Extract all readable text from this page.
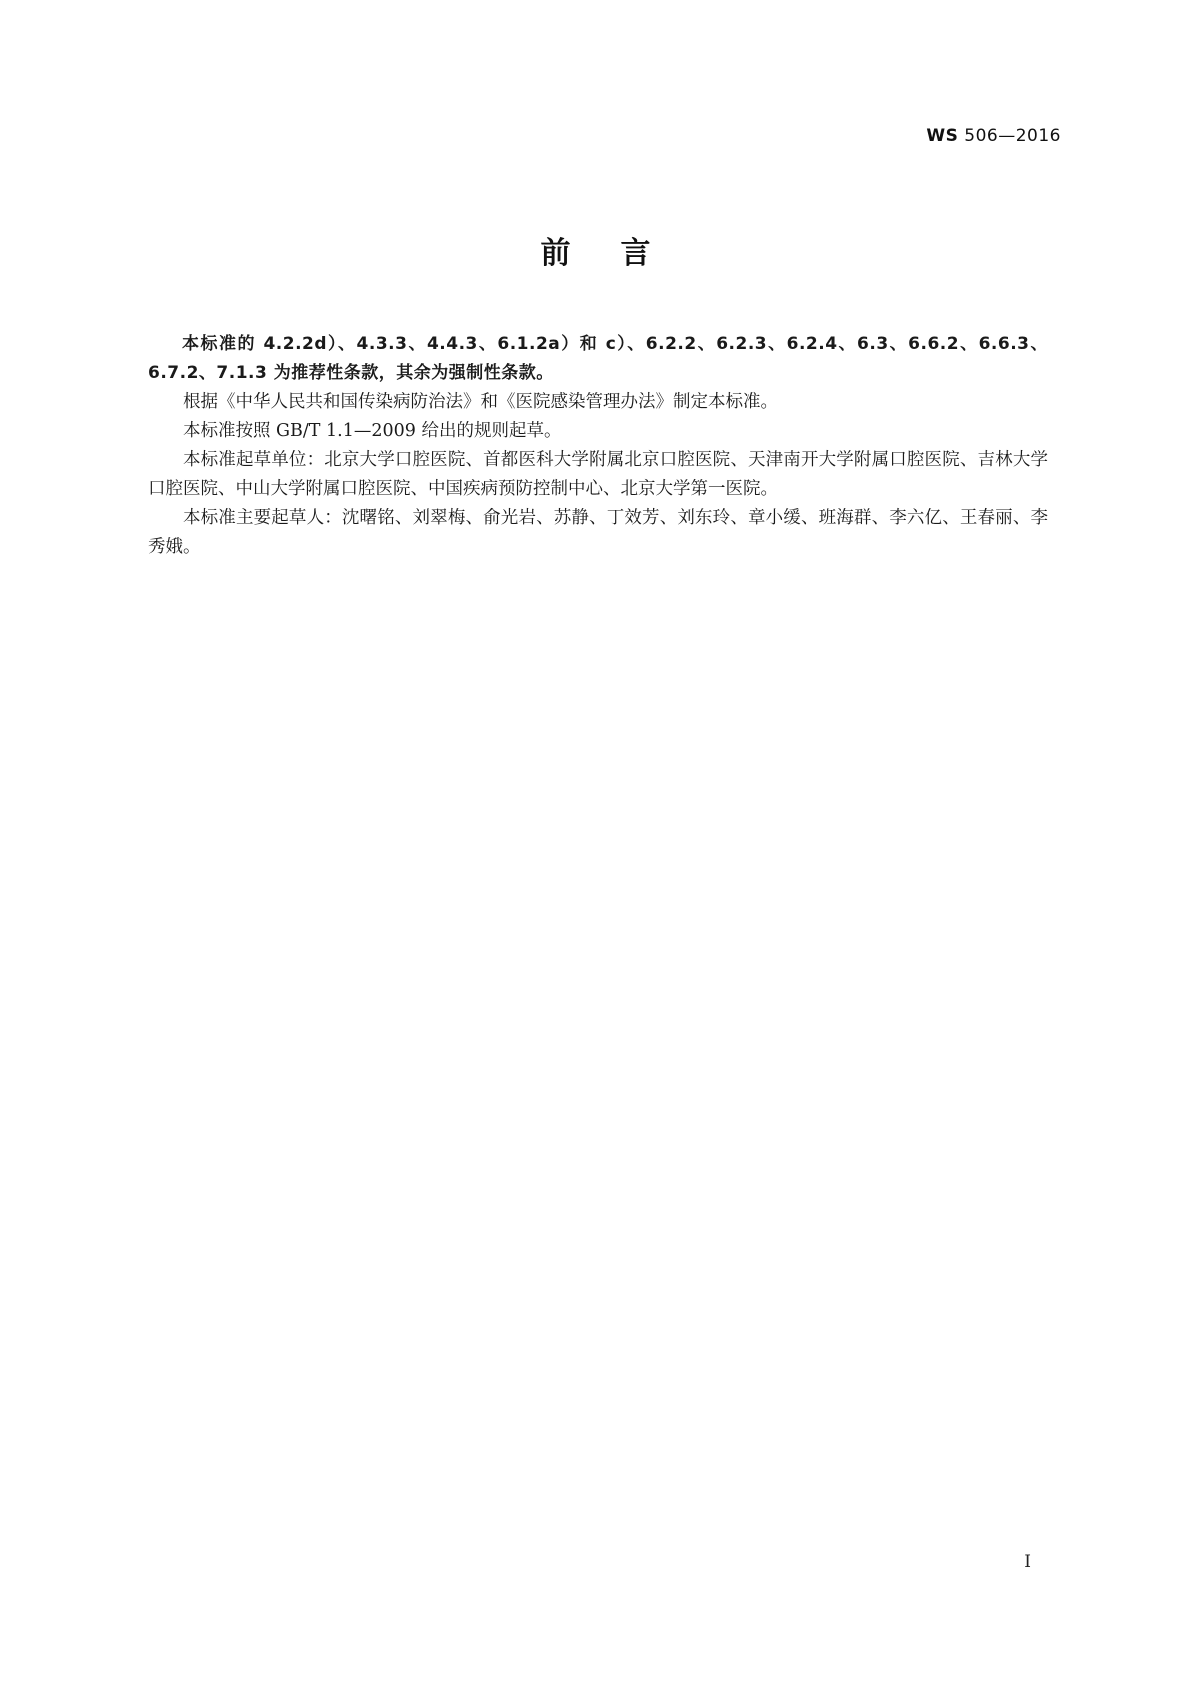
WS 506—2016
前言

本标准的 4.2.2d）、4.3.3、4.4.3、6.1.2a）和 c）、6.2.2、6.2.3、6.2.4、6.3、6.6.2、6.6.3、6.7.2、7.1.3 为推荐性条款，其余为强制性条款。

根据《中华人民共和国传染病防治法》和《医院感染管理办法》制定本标准。

本标准按照 GB/T 1.1—2009 给出的规则起草。

本标准起草单位：北京大学口腔医院、首都医科大学附属北京口腔医院、天津南开大学附属口腔医院、吉林大学口腔医院、中山大学附属口腔医院、中国疾病预防控制中心、北京大学第一医院。

本标准主要起草人：沈曙铭、刘翠梅、俞光岩、苏静、丁效芳、刘东玲、章小缓、班海群、李六亿、王春丽、李秀娥。

I
